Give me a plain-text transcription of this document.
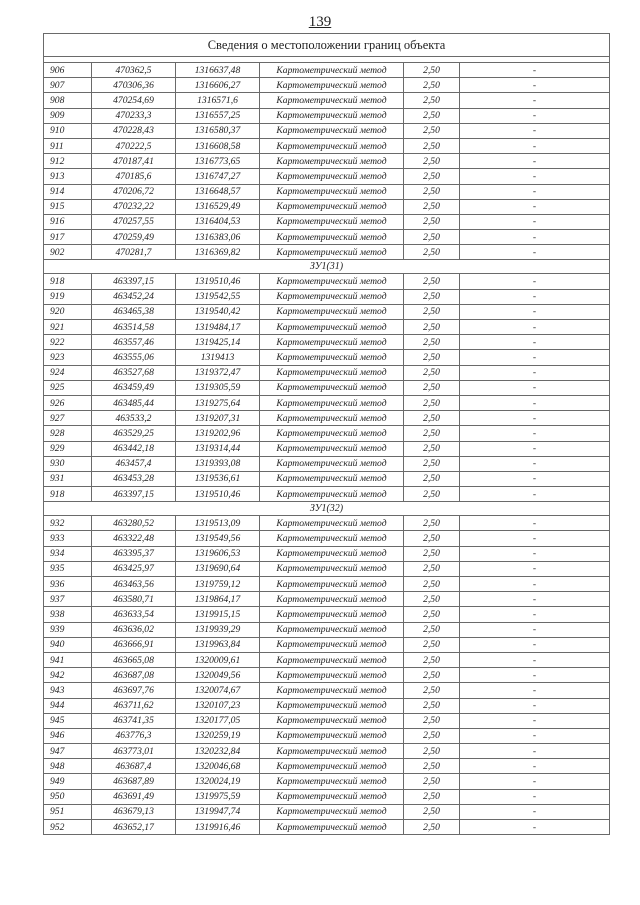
139
Сведения о местоположении границ объекта					

906	470362,5	1316637,48	Картометрический метод	2,50	-
907	470306,36	1316606,27	Картометрический метод	2,50	-
908	470254,69	1316571,6	Картометрический метод	2,50	-
909	470233,3	1316557,25	Картометрический метод	2,50	-
910	470228,43	1316580,37	Картометрический метод	2,50	-
911	470222,5	1316608,58	Картометрический метод	2,50	-
912	470187,41	1316773,65	Картометрический метод	2,50	-
913	470185,6	1316747,27	Картометрический метод	2,50	-
914	470206,72	1316648,57	Картометрический метод	2,50	-
915	470232,22	1316529,49	Картометрический метод	2,50	-
916	470257,55	1316404,53	Картометрический метод	2,50	-
917	470259,49	1316383,06	Картометрический метод	2,50	-
902	470281,7	1316369,82	Картометрический метод	2,50	-
ЗУ1(31)					
918	463397,15	1319510,46	Картометрический метод	2,50	-
919	463452,24	1319542,55	Картометрический метод	2,50	-
920	463465,38	1319540,42	Картометрический метод	2,50	-
921	463514,58	1319484,17	Картометрический метод	2,50	-
922	463557,46	1319425,14	Картометрический метод	2,50	-
923	463555,06	1319413	Картометрический метод	2,50	-
924	463527,68	1319372,47	Картометрический метод	2,50	-
925	463459,49	1319305,59	Картометрический метод	2,50	-
926	463485,44	1319275,64	Картометрический метод	2,50	-
927	463533,2	1319207,31	Картометрический метод	2,50	-
928	463529,25	1319202,96	Картометрический метод	2,50	-
929	463442,18	1319314,44	Картометрический метод	2,50	-
930	463457,4	1319393,08	Картометрический метод	2,50	-
931	463453,28	1319536,61	Картометрический метод	2,50	-
918	463397,15	1319510,46	Картометрический метод	2,50	-
ЗУ1(32)					
932	463280,52	1319513,09	Картометрический метод	2,50	-
933	463322,48	1319549,56	Картометрический метод	2,50	-
934	463395,37	1319606,53	Картометрический метод	2,50	-
935	463425,97	1319690,64	Картометрический метод	2,50	-
936	463463,56	1319759,12	Картометрический метод	2,50	-
937	463580,71	1319864,17	Картометрический метод	2,50	-
938	463633,54	1319915,15	Картометрический метод	2,50	-
939	463636,02	1319939,29	Картометрический метод	2,50	-
940	463666,91	1319963,84	Картометрический метод	2,50	-
941	463665,08	1320009,61	Картометрический метод	2,50	-
942	463687,08	1320049,56	Картометрический метод	2,50	-
943	463697,76	1320074,67	Картометрический метод	2,50	-
944	463711,62	1320107,23	Картометрический метод	2,50	-
945	463741,35	1320177,05	Картометрический метод	2,50	-
946	463776,3	1320259,19	Картометрический метод	2,50	-
947	463773,01	1320232,84	Картометрический метод	2,50	-
948	463687,4	1320046,68	Картометрический метод	2,50	-
949	463687,89	1320024,19	Картометрический метод	2,50	-
950	463691,49	1319975,59	Картометрический метод	2,50	-
951	463679,13	1319947,74	Картометрический метод	2,50	-
952	463652,17	1319916,46	Картометрический метод	2,50	-
